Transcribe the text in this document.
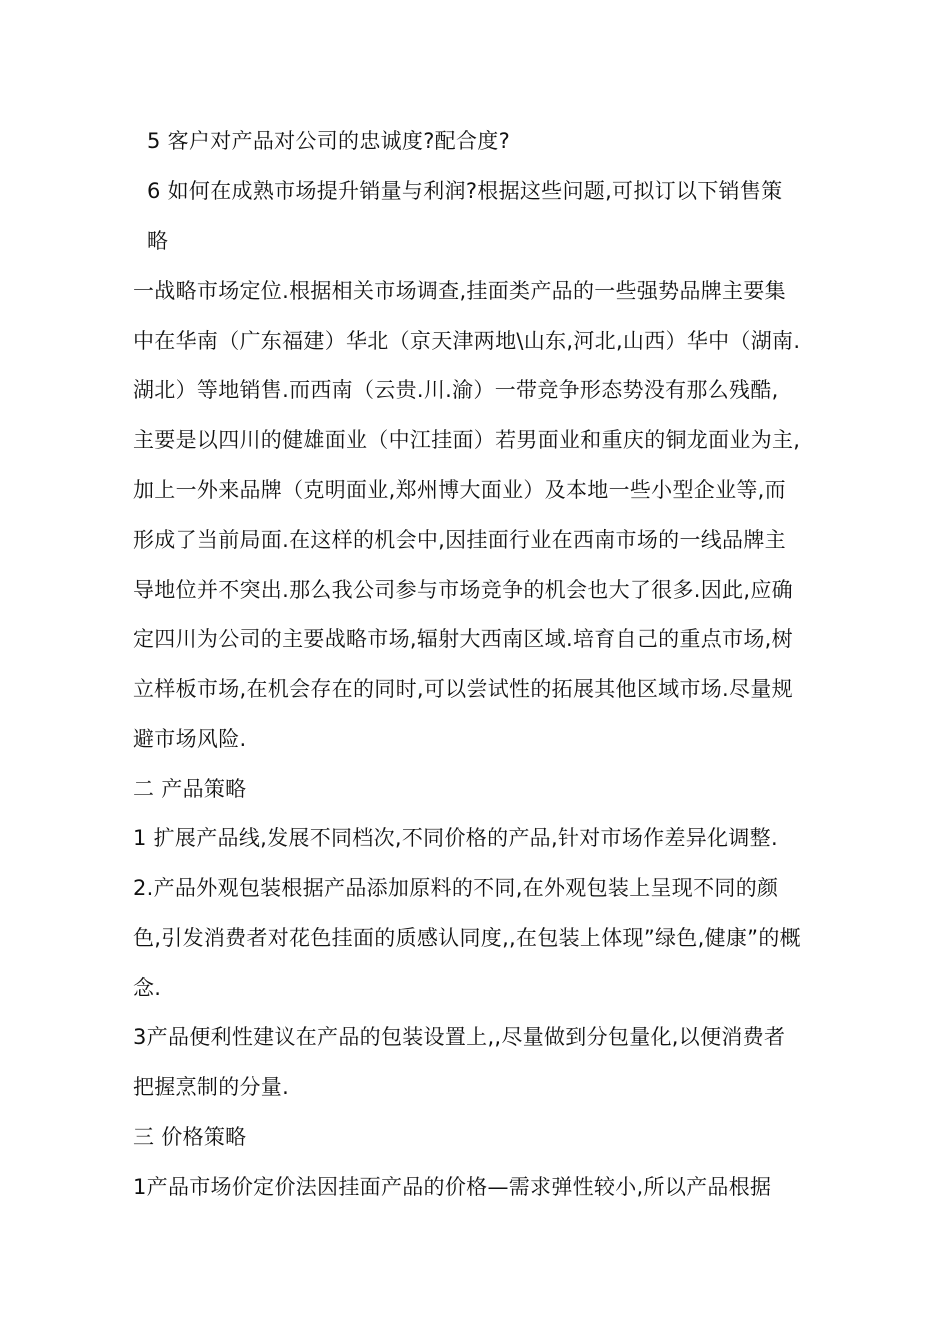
5 客户对产品对公司的忠诚度?配合度?
6 如何在成熟市场提升销量与利润?根据这些问题,可拟订以下销售策
略
一战略市场定位.根据相关市场调查,挂面类产品的一些强势品牌主要集
中在华南（广东福建）华北（京天津两地\山东,河北,山西）华中（湖南.
湖北）等地销售.而西南（云贵.川.渝）一带竞争形态势没有那么残酷,
主要是以四川的健雄面业（中江挂面）若男面业和重庆的铜龙面业为主,
加上一外来品牌（克明面业,郑州博大面业）及本地一些小型企业等,而
形成了当前局面.在这样的机会中,因挂面行业在西南市场的一线品牌主
导地位并不突出.那么我公司参与市场竞争的机会也大了很多.因此,应确
定四川为公司的主要战略市场,辐射大西南区域.培育自己的重点市场,树
立样板市场,在机会存在的同时,可以尝试性的拓展其他区域市场.尽量规
避市场风险.
二 产品策略
1 扩展产品线,发展不同档次,不同价格的产品,针对市场作差异化调整.
2.产品外观包装根据产品添加原料的不同,在外观包装上呈现不同的颜
色,引发消费者对花色挂面的质感认同度,,在包装上体现”绿色,健康”的概
念.
3产品便利性建议在产品的包装设置上,,尽量做到分包量化,以便消费者
把握烹制的分量.
三 价格策略
1产品市场价定价法因挂面产品的价格—需求弹性较小,所以产品根据
